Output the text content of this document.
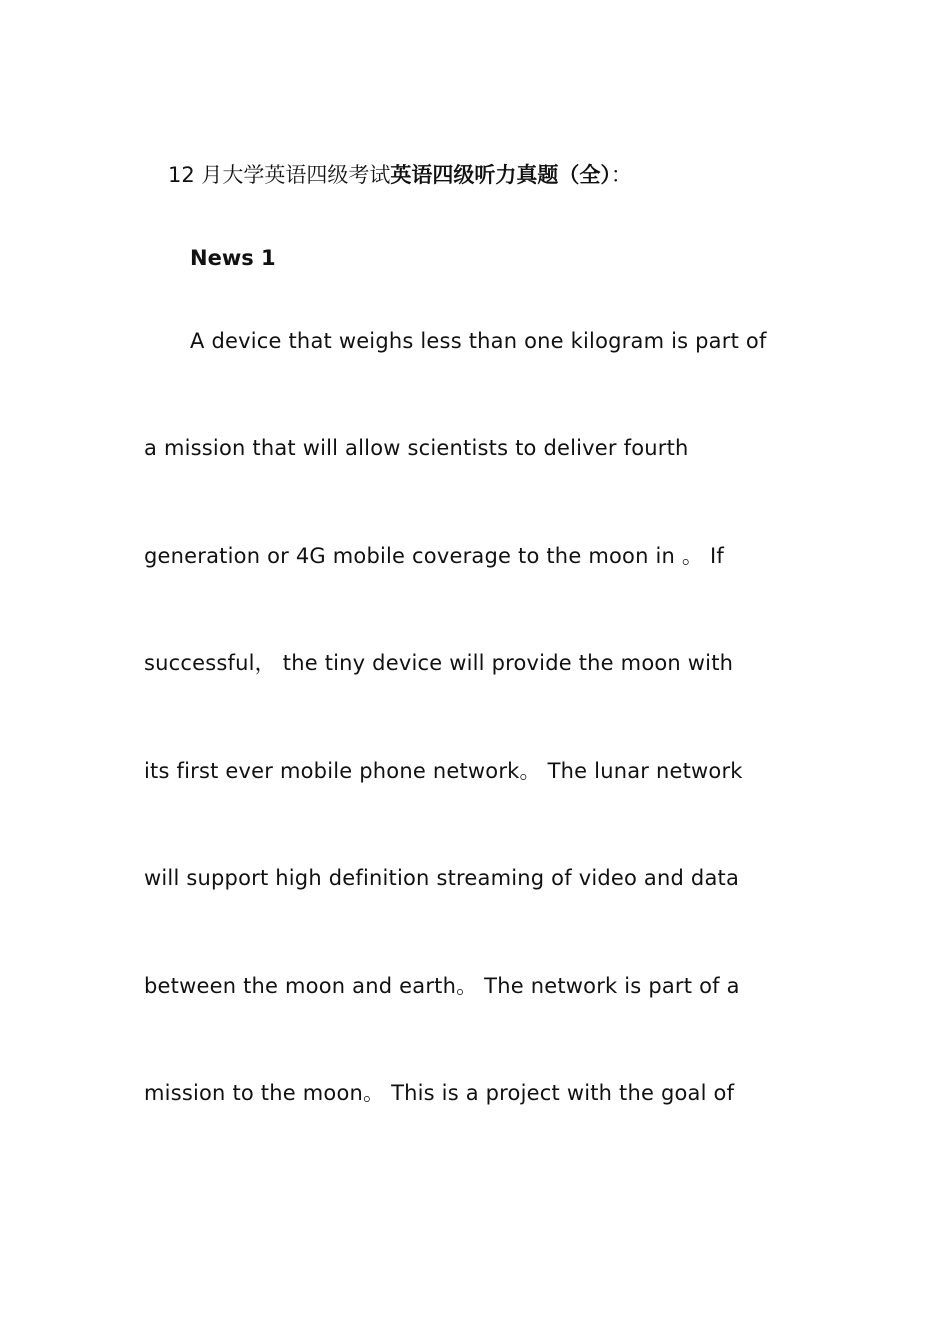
12 月大学英语四级考试英语四级听力真题（全）：
News 1
A device that weighs less than one kilogram is part of
a mission that will allow scientists to deliver fourth
generation or 4G mobile coverage to the moon in 。 If
successful， the tiny device will provide the moon with
its first ever mobile phone network。 The lunar network
will support high definition streaming of video and data
between the moon and earth。 The network is part of a
mission to the moon。 This is a project with the goal of
